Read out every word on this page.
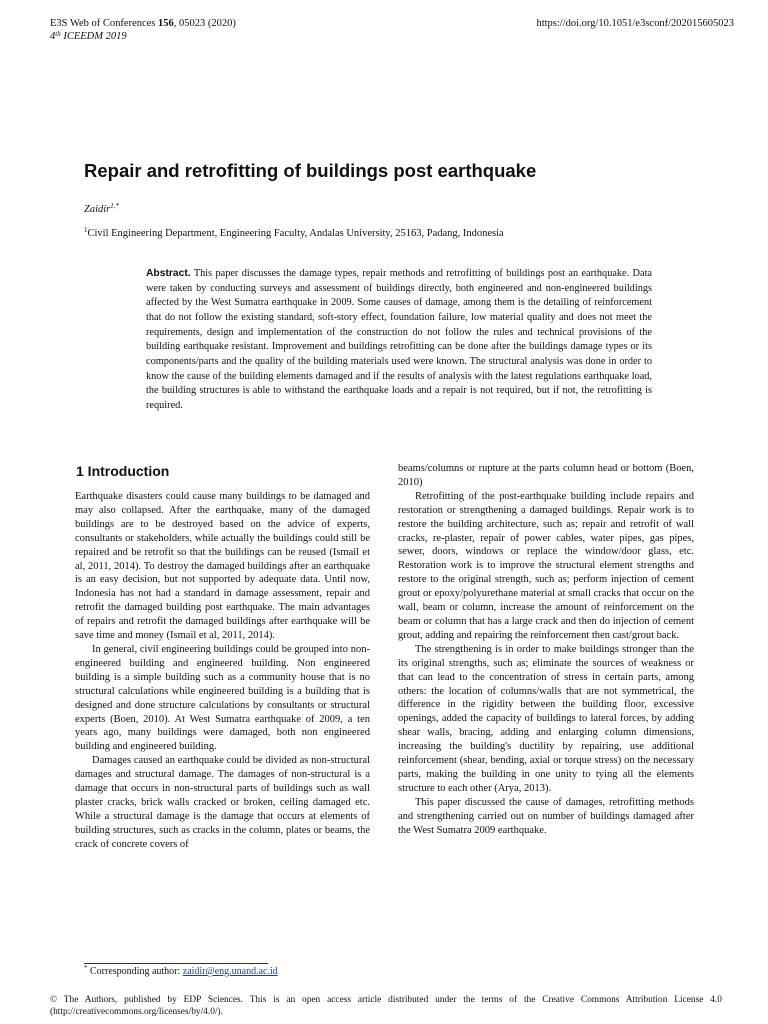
E3S Web of Conferences 156, 05023 (2020)
4th ICEEDM 2019
https://doi.org/10.1051/e3sconf/202015605023
Repair and retrofitting of buildings post earthquake
Zaidir$^{1,*}$
$^1$Civil Engineering Department, Engineering Faculty, Andalas University, 25163, Padang, Indonesia
Abstract. This paper discusses the damage types, repair methods and retrofitting of buildings post an earthquake. Data were taken by conducting surveys and assessment of buildings directly, both engineered and non-engineered buildings affected by the West Sumatra earthquake in 2009. Some causes of damage, among them is the detailing of reinforcement that do not follow the existing standard, soft-story effect, foundation failure, low material quality and does not meet the requirements, design and implementation of the construction do not follow the rules and technical provisions of the building earthquake resistant. Improvement and buildings retrofitting can be done after the buildings damage types or its components/parts and the quality of the building materials used were known. The structural analysis was done in order to know the cause of the building elements damaged and if the results of analysis with the latest regulations earthquake load, the building structures is able to withstand the earthquake loads and a repair is not required, but if not, the retrofitting is required.
1 Introduction

Earthquake disasters could cause many buildings to be damaged and may also collapsed. After the earthquake, many of the damaged buildings are to be destroyed based on the advice of experts, consultants or stakeholders, while actually the buildings could still be repaired and be retrofit so that the buildings can be reused (Ismail et al, 2011, 2014). To destroy the damaged buildings after an earthquake is an easy decision, but not supported by adequate data. Until now, Indonesia has not had a standard in damage assessment, repair and retrofit the damaged building post earthquake. The main advantages of repairs and retrofit the damaged buildings after earthquake will be save time and money (Ismail et al, 2011, 2014).

In general, civil engineering buildings could be grouped into non-engineered building and engineered building. Non engineered building is a simple building such as a community house that is no structural calculations while engineered building is a building that is designed and done structure calculations by consultants or structural experts (Boen, 2010). At West Sumatra earthquake of 2009, a ten years ago, many buildings were damaged, both non engineered building and engineered building.

Damages caused an earthquake could be divided as non-structural damages and structural damage. The damages of non-structural is a damage that occurs in non-structural parts of buildings such as wall plaster cracks, brick walls cracked or broken, ceiling damaged etc. While a structural damage is the damage that occurs at elements of building structures, such as cracks in the column, plates or beams, the crack of concrete covers of

beams/columns or rupture at the parts column head or bottom (Boen, 2010)

Retrofitting of the post-earthquake building include repairs and restoration or strengthening a damaged buildings. Repair work is to restore the building architecture, such as; repair and retrofit of wall cracks, re-plaster, repair of power cables, water pipes, gas pipes, sewer, doors, windows or replace the window/door glass, etc. Restoration work is to improve the structural element strengths and restore to the original strength, such as; perform injection of cement grout or epoxy/polyurethane material at small cracks that occur on the wall, beam or column, increase the amount of reinforcement on the beam or column that has a large crack and then do injection of cement grout, adding and repairing the reinforcement then cast/grout back.

The strengthening is in order to make buildings stronger than the its original strengths, such as; eliminate the sources of weakness or that can lead to the concentration of stress in certain parts, among others: the location of columns/walls that are not symmetrical, the difference in the rigidity between the building floor, excessive openings, added the capacity of buildings to lateral forces, by adding shear walls, bracing, adding and enlarging column dimensions, increasing the building's ductility by repairing, use additional reinforcement (shear, bending, axial or torque stress) on the necessary parts, making the building in one unity to tying all the elements structure to each other (Arya, 2013).

This paper discussed the cause of damages, retrofitting methods and strengthening carried out on number of buildings damaged after the West Sumatra 2009 earthquake.

* Corresponding author: zaidir@eng.unand.ac.id
© The Authors, published by EDP Sciences. This is an open access article distributed under the terms of the Creative Commons Attribution License 4.0 (http://creativecommons.org/licenses/by/4.0/).
